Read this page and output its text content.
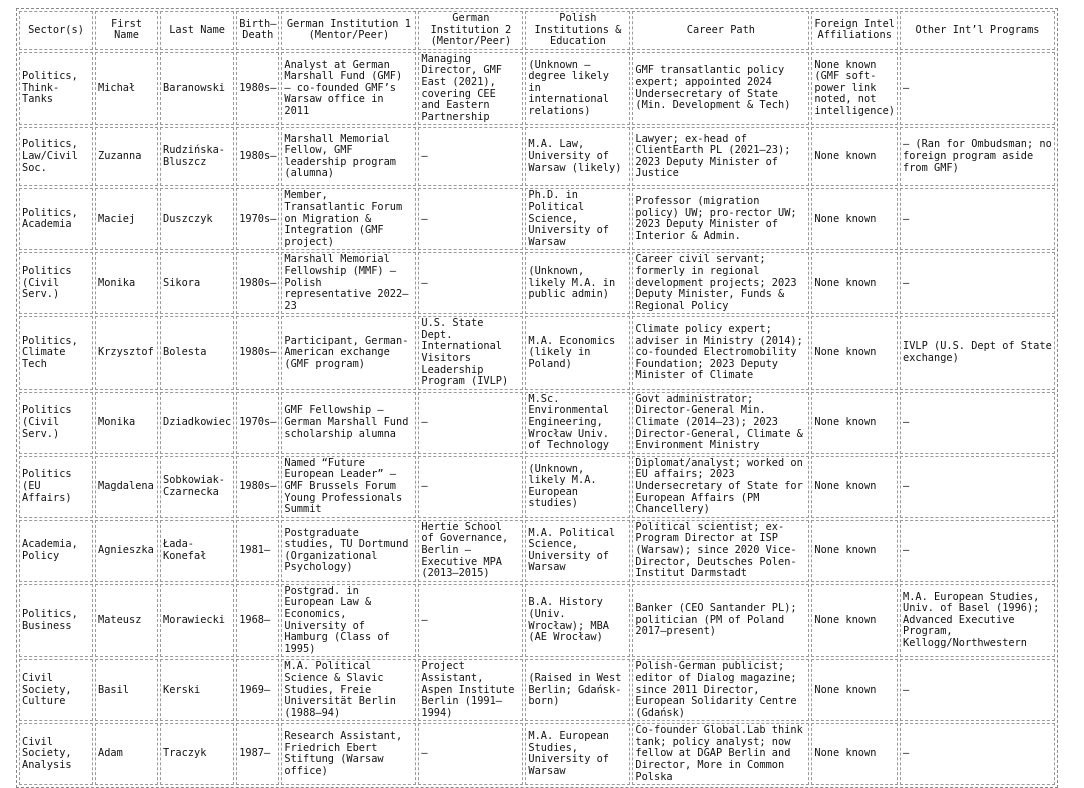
Sector(s)	First Name	Last Name	Birth–Death	German Institution 1 (Mentor/Peer)	German Institution 2 (Mentor/Peer)	Polish Institutions & Education	Career Path	Foreign Intel Affiliations	Other Int’l Programs
Politics, Think-Tanks	Michał	Baranowski	1980s–	Analyst at German Marshall Fund (GMF) – co-founded GMF’s Warsaw office in 2011	Managing Director, GMF East (2021), covering CEE and Eastern Partnership	(Unknown – degree likely in international relations)	GMF transatlantic policy expert; appointed 2024 Undersecretary of State (Min. Development & Tech)	None known (GMF soft-power link noted, not intelligence)	–
Politics, Law/Civil Soc.	Zuzanna	Rudzińska-Bluszcz	1980s–	Marshall Memorial Fellow, GMF leadership program (alumna)	–	M.A. Law, University of Warsaw (likely)	Lawyer; ex-head of ClientEarth PL (2021–23); 2023 Deputy Minister of Justice	None known	– (Ran for Ombudsman; no foreign program aside from GMF)
Politics, Academia	Maciej	Duszczyk	1970s–	Member, Transatlantic Forum on Migration & Integration (GMF project)	–	Ph.D. in Political Science, University of Warsaw	Professor (migration policy) UW; pro-rector UW; 2023 Deputy Minister of Interior & Admin.	None known	–
Politics (Civil Serv.)	Monika	Sikora	1980s–	Marshall Memorial Fellowship (MMF) – Polish representative 2022–23	–	(Unknown, likely M.A. in public admin)	Career civil servant; formerly in regional development projects; 2023 Deputy Minister, Funds & Regional Policy	None known	–
Politics, Climate Tech	Krzysztof	Bolesta	1980s–	Participant, German-American exchange (GMF program)	U.S. State Dept. International Visitors Leadership Program (IVLP)	M.A. Economics (likely in Poland)	Climate policy expert; adviser in Ministry (2014); co-founded Electromobility Foundation; 2023 Deputy Minister of Climate	None known	IVLP (U.S. Dept of State exchange)
Politics (Civil Serv.)	Monika	Dziadkowiec	1970s–	GMF Fellowship – German Marshall Fund scholarship alumna	–	M.Sc. Environmental Engineering, Wrocław Univ. of Technology	Govt administrator; Director-General Min. Climate (2014–23); 2023 Director-General, Climate & Environment Ministry	None known	–
Politics (EU Affairs)	Magdalena	Sobkowiak-Czarnecka	1980s–	Named “Future European Leader” – GMF Brussels Forum Young Professionals Summit	–	(Unknown, likely M.A. European studies)	Diplomat/analyst; worked on EU affairs; 2023 Undersecretary of State for European Affairs (PM Chancellery)	None known	–
Academia, Policy	Agnieszka	Łada-Konefał	1981–	Postgraduate studies, TU Dortmund (Organizational Psychology)	Hertie School of Governance, Berlin – Executive MPA (2013–2015)	M.A. Political Science, University of Warsaw	Political scientist; ex-Program Director at ISP (Warsaw); since 2020 Vice-Director, Deutsches Polen-Institut Darmstadt	None known	–
Politics, Business	Mateusz	Morawiecki	1968–	Postgrad. in European Law & Economics, University of Hamburg (Class of 1995)	–	B.A. History (Univ. Wrocław); MBA (AE Wrocław)	Banker (CEO Santander PL); politician (PM of Poland 2017–present)	None known	M.A. European Studies, Univ. of Basel (1996); Advanced Executive Program, Kellogg/Northwestern
Civil Society, Culture	Basil	Kerski	1969–	M.A. Political Science & Slavic Studies, Freie Universität Berlin (1988–94)	Project Assistant, Aspen Institute Berlin (1991–1994)	(Raised in West Berlin; Gdańsk-born)	Polish-German publicist; editor of Dialog magazine; since 2011 Director, European Solidarity Centre (Gdańsk)	None known	–
Civil Society, Analysis	Adam	Traczyk	1987–	Research Assistant, Friedrich Ebert Stiftung (Warsaw office)	–	M.A. European Studies, University of Warsaw	Co-founder Global.Lab think tank; policy analyst; now fellow at DGAP Berlin and Director, More in Common Polska	None known	–
